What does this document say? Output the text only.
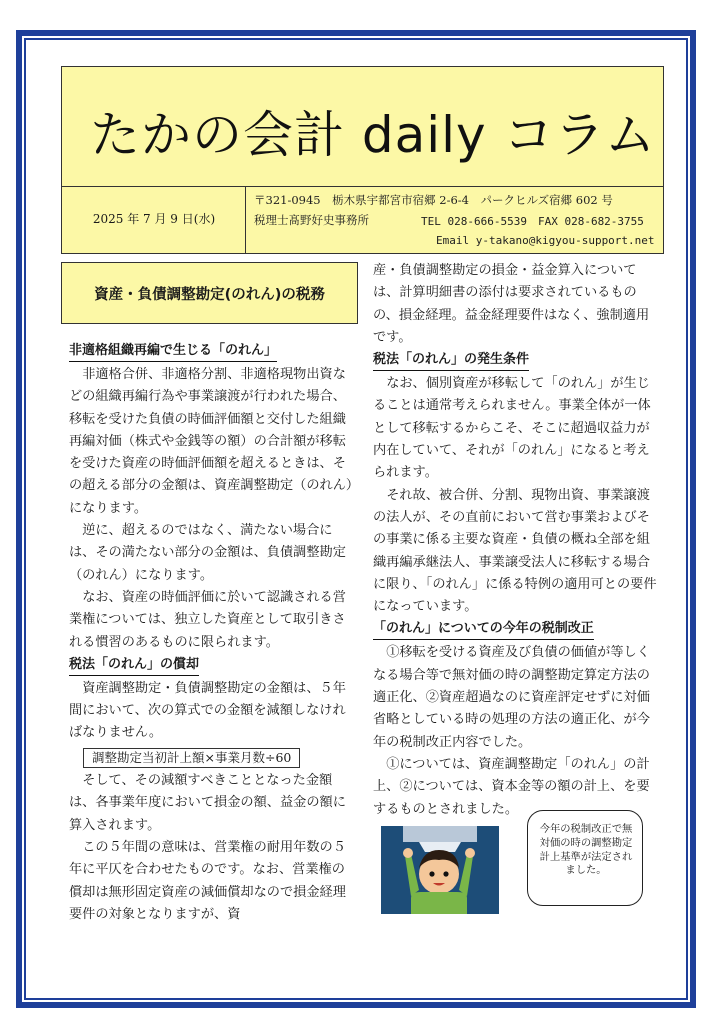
たかの会計 daily コラム
2025 年 7 月 9 日(水)
〒321-0945　栃木県宇都宮市宿郷 2-6-4　パークヒルズ宿郷 602 号
税理士髙野好史事務所	TEL 028-666-5539　FAX 028-682-3755
Email y-takano@kigyou-support.net
資産・負債調整勘定(のれん)の税務
非適格組織再編で生じる「のれん」

非適格合併、非適格分割、非適格現物出資などの組織再編行為や事業譲渡が行われた場合、移転を受けた負債の時価評価額と交付した組織再編対価（株式や金銭等の額）の合計額が移転を受けた資産の時価評価額を超えるときは、その超える部分の金額は、資産調整勘定（のれん）になります。

逆に、超えるのではなく、満たない場合には、その満たない部分の金額は、負債調整勘定（のれん）になります。

なお、資産の時価評価に於いて認識される営業権については、独立した資産として取引きされる慣習のあるものに限られます。

税法「のれん」の償却

資産調整勘定・負債調整勘定の金額は、５年間において、次の算式での金額を減額しなければなりません。

調整勘定当初計上額×事業月数÷60

そして、その減額すべきこととなった金額は、各事業年度において損金の額、益金の額に算入されます。

この５年間の意味は、営業権の耐用年数の５年に平仄を合わせたものです。なお、営業権の償却は無形固定資産の減価償却なので損金経理要件の対象となりますが、資

産・負債調整勘定の損金・益金算入については、計算明細書の添付は要求されているものの、損金経理。益金経理要件はなく、強制適用です。

税法「のれん」の発生条件

なお、個別資産が移転して「のれん」が生じることは通常考えられません。事業全体が一体として移転するからこそ、そこに超過収益力が内在していて、それが「のれん」になると考えられます。

それ故、被合併、分割、現物出資、事業譲渡の法人が、その直前において営む事業およびその事業に係る主要な資産・負債の概ね全部を組織再編承継法人、事業譲受法人に移転する場合に限り、「のれん」に係る特例の適用可との要件になっています。

「のれん」についての今年の税制改正

①移転を受ける資産及び負債の価値が等しくなる場合等で無対価の時の調整勘定算定方法の適正化、②資産超過なのに資産評定せずに対価省略としている時の処理の方法の適正化、が今年の税制改正内容でした。

①については、資産調整勘定「のれん」の計上、②については、資本金等の額の計上、を要するものとされました。

今年の税制改正で無対価の時の調整勘定計上基準が法定されました。
